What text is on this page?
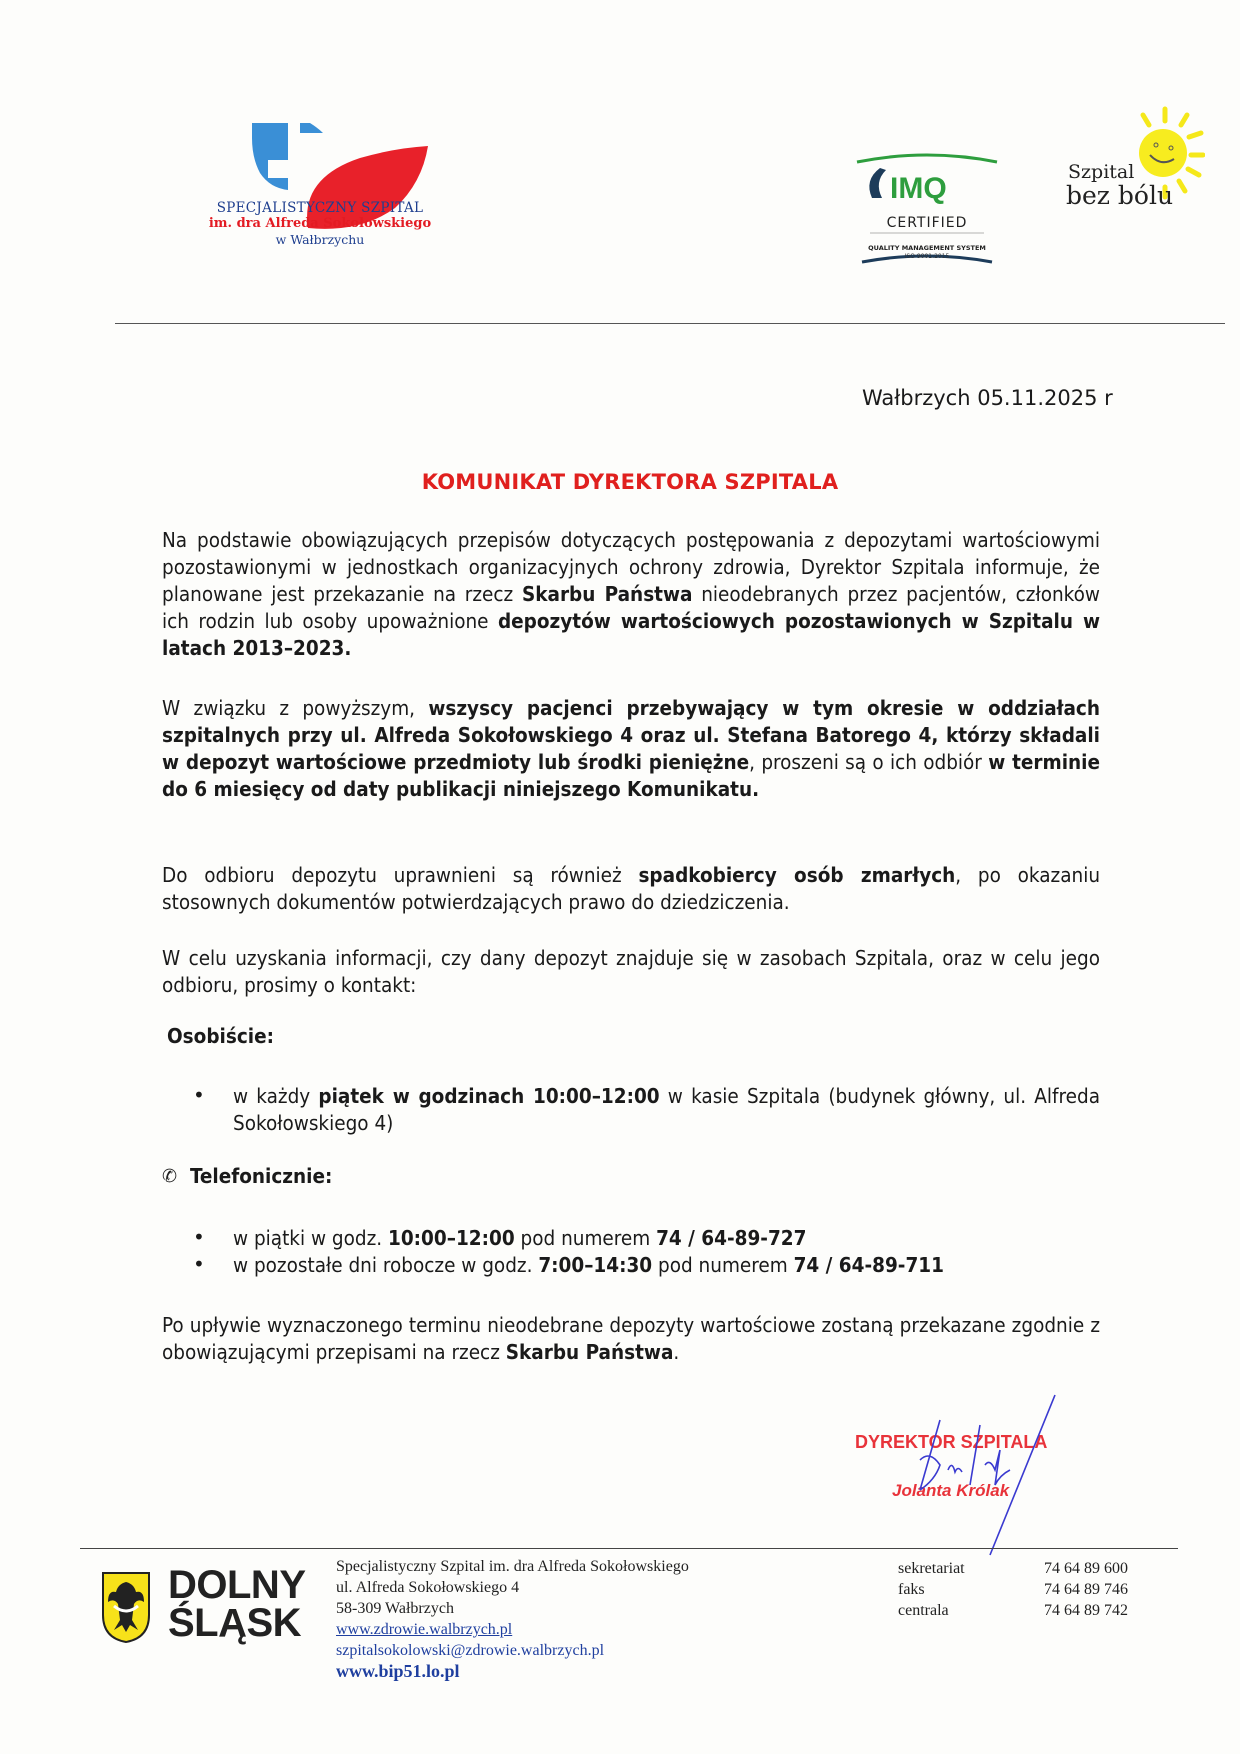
SPECJALISTYCZNY SZPITAL
im. dra Alfreda Sokołowskiego
w Wałbrzychu
IMQ
CERTIFIED
QUALITY MANAGEMENT SYSTEM
ISO 9001:2015
Szpital
bez bólu
Wałbrzych 05.11.2025 r
KOMUNIKAT DYREKTORA SZPITALA
Na podstawie obowiązujących przepisów dotyczących postępowania z depozytami wartościowymi pozostawionymi w jednostkach organizacyjnych ochrony zdrowia, Dyrektor Szpitala informuje, że planowane jest przekazanie na rzecz Skarbu Państwa nieodebranych przez pacjentów, członków ich rodzin lub osoby upoważnione depozytów wartościowych pozostawionych w Szpitalu w latach 2013–2023.
W związku z powyższym, wszyscy pacjenci przebywający w tym okresie w oddziałach szpitalnych przy ul. Alfreda Sokołowskiego 4 oraz ul. Stefana Batorego 4, którzy składali w depozyt wartościowe przedmioty lub środki pieniężne, proszeni są o ich odbiór w terminie do 6 miesięcy od daty publikacji niniejszego Komunikatu.
Do odbioru depozytu uprawnieni są również spadkobiercy osób zmarłych, po okazaniu stosownych dokumentów potwierdzających prawo do dziedziczenia.
W celu uzyskania informacji, czy dany depozyt znajduje się w zasobach Szpitala, oraz w celu jego odbioru, prosimy o kontakt:
Osobiście:
• w każdy piątek w godzinach 10:00–12:00 w kasie Szpitala (budynek główny, ul. Alfreda Sokołowskiego 4)
✆ Telefonicznie:
• w piątki w godz. 10:00–12:00 pod numerem 74 / 64-89-727
• w pozostałe dni robocze w godz. 7:00–14:30 pod numerem 74 / 64-89-711
Po upływie wyznaczonego terminu nieodebrane depozyty wartościowe zostaną przekazane zgodnie z obowiązującymi przepisami na rzecz Skarbu Państwa.
DYREKTOR SZPITALA
Jolanta Królak
DOLNY
ŚLĄSK
Specjalistyczny Szpital im. dra Alfreda Sokołowskiego
ul. Alfreda Sokołowskiego 4
58-309 Wałbrzych
www.zdrowie.walbrzych.pl
szpitalsokolowski@zdrowie.walbrzych.pl
www.bip51.lo.pl
sekretariat	74 64 89 600
faks	74 64 89 746
centrala	74 64 89 742
